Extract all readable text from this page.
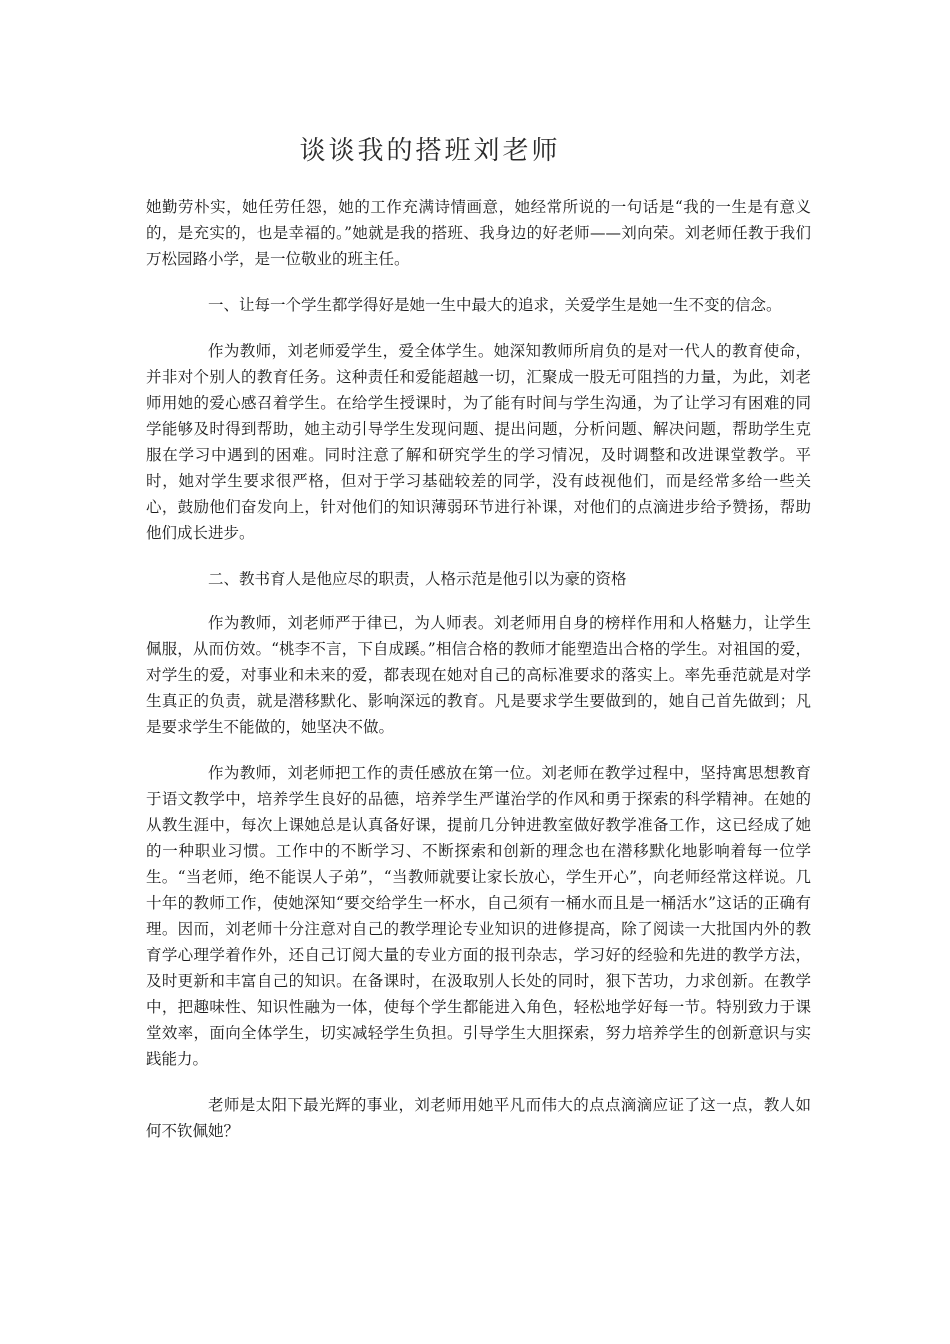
谈谈我的搭班刘老师

她勤劳朴实，她任劳任怨，她的工作充满诗情画意，她经常所说的一句话是“我的一生是有意义的，是充实的，也是幸福的。”她就是我的搭班、我身边的好老师——刘向荣。刘老师任教于我们万松园路小学，是一位敬业的班主任。

一、让每一个学生都学得好是她一生中最大的追求，关爱学生是她一生不变的信念。

作为教师，刘老师爱学生，爱全体学生。她深知教师所肩负的是对一代人的教育使命，并非对个别人的教育任务。这种责任和爱能超越一切，汇聚成一股无可阻挡的力量，为此，刘老师用她的爱心感召着学生。在给学生授课时，为了能有时间与学生沟通，为了让学习有困难的同学能够及时得到帮助，她主动引导学生发现问题、提出问题，分析问题、解决问题，帮助学生克服在学习中遇到的困难。同时注意了解和研究学生的学习情况，及时调整和改进课堂教学。平时，她对学生要求很严格，但对于学习基础较差的同学，没有歧视他们，而是经常多给一些关心，鼓励他们奋发向上，针对他们的知识薄弱环节进行补课，对他们的点滴进步给予赞扬，帮助他们成长进步。

二、教书育人是他应尽的职责，人格示范是他引以为豪的资格

作为教师，刘老师严于律已，为人师表。刘老师用自身的榜样作用和人格魅力，让学生佩服，从而仿效。“桃李不言，下自成蹊。”相信合格的教师才能塑造出合格的学生。对祖国的爱，对学生的爱，对事业和未来的爱，都表现在她对自己的高标准要求的落实上。率先垂范就是对学生真正的负责，就是潜移默化、影响深远的教育。凡是要求学生要做到的，她自己首先做到；凡是要求学生不能做的，她坚决不做。

作为教师，刘老师把工作的责任感放在第一位。刘老师在教学过程中，坚持寓思想教育于语文教学中，培养学生良好的品德，培养学生严谨治学的作风和勇于探索的科学精神。在她的从教生涯中，每次上课她总是认真备好课，提前几分钟进教室做好教学准备工作，这已经成了她的一种职业习惯。工作中的不断学习、不断探索和创新的理念也在潜移默化地影响着每一位学生。“当老师，绝不能误人子弟”，“当教师就要让家长放心，学生开心”，向老师经常这样说。几十年的教师工作，使她深知“要交给学生一杯水，自己须有一桶水而且是一桶活水”这话的正确有理。因而，刘老师十分注意对自己的教学理论专业知识的进修提高，除了阅读一大批国内外的教育学心理学着作外，还自己订阅大量的专业方面的报刊杂志，学习好的经验和先进的教学方法，及时更新和丰富自己的知识。在备课时，在汲取别人长处的同时，狠下苦功，力求创新。在教学中，把趣味性、知识性融为一体，使每个学生都能进入角色，轻松地学好每一节。特别致力于课堂效率，面向全体学生，切实减轻学生负担。引导学生大胆探索，努力培养学生的创新意识与实践能力。

老师是太阳下最光辉的事业，刘老师用她平凡而伟大的点点滴滴应证了这一点，教人如何不钦佩她？
